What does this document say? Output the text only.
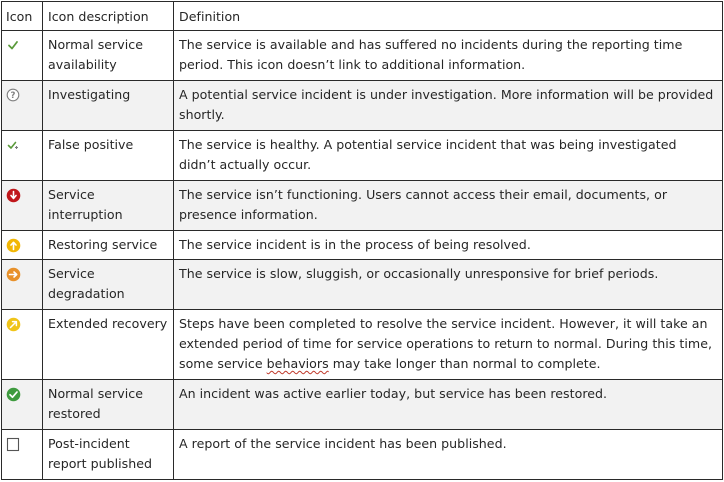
Icon	Icon description	Definition

	Normal service availability	The service is available and has suffered no incidents during the reporting time period. This icon doesn’t link to additional information.

?	Investigating	A potential service incident is under investigation. More information will be provided shortly.

	False positive	The service is healthy. A potential service incident that was being investigated didn’t actually occur.

	Service interruption	The service isn’t functioning. Users cannot access their email, documents, or presence information.

	Restoring service	The service incident is in the process of being resolved.

	Service degradation	The service is slow, sluggish, or occasionally unresponsive for brief periods.

	Extended recovery	Steps have been completed to resolve the service incident. However, it will take an extended period of time for service operations to return to normal. During this time, some service behaviors may take longer than normal to complete.

	Normal service restored	An incident was active earlier today, but service has been restored.

	Post-incident report published	A report of the service incident has been published.
